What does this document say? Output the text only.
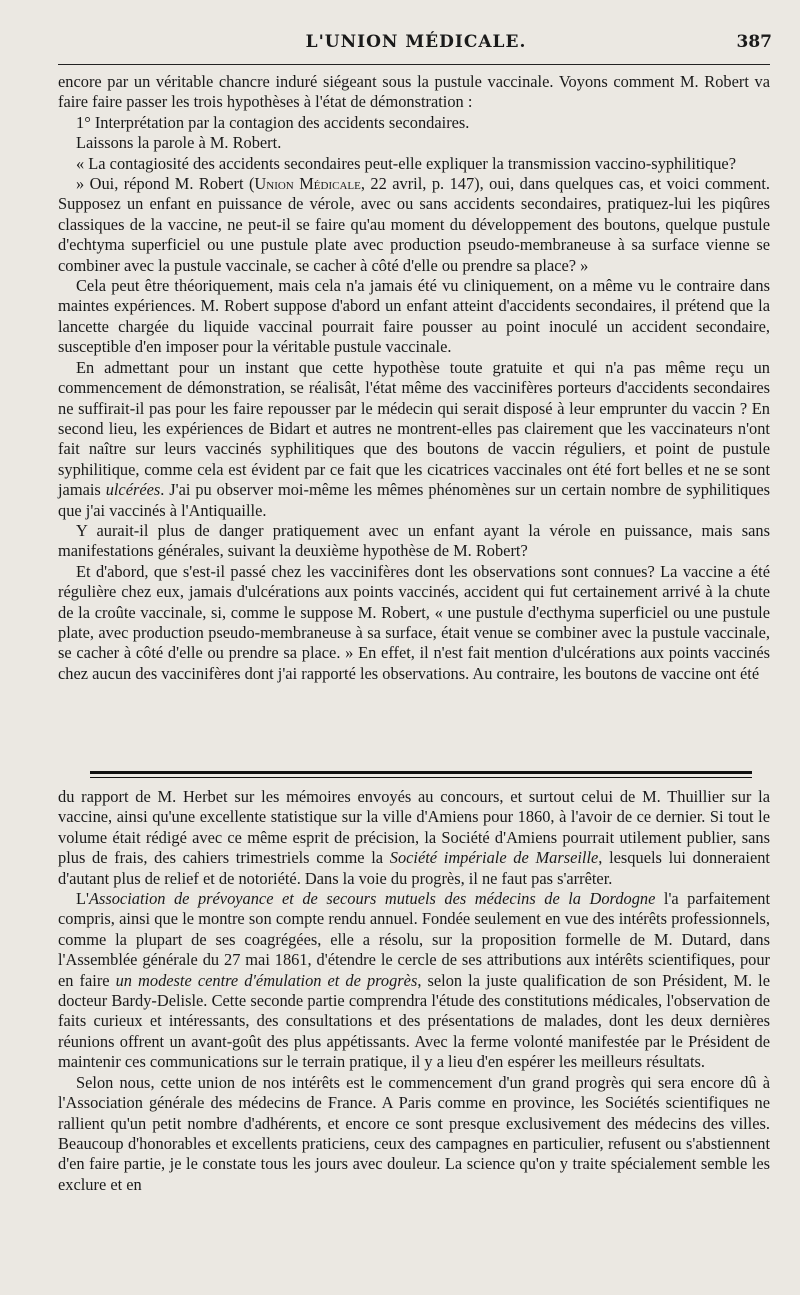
L'UNION MÉDICALE.	387

encore par un véritable chancre induré siégeant sous la pustule vaccinale. Voyons comment M. Robert va faire faire passer les trois hypothèses à l'état de démonstration :

1° Interprétation par la contagion des accidents secondaires.

Laissons la parole à M. Robert.

« La contagiosité des accidents secondaires peut-elle expliquer la transmission vaccino-syphilitique?

» Oui, répond M. Robert (Union Médicale, 22 avril, p. 147), oui, dans quelques cas, et voici comment. Supposez un enfant en puissance de vérole, avec ou sans accidents secondaires, pratiquez-lui les piqûres classiques de la vaccine, ne peut-il se faire qu'au moment du développement des boutons, quelque pustule d'echtyma superficiel ou une pustule plate avec production pseudo-membraneuse à sa surface vienne se combiner avec la pustule vaccinale, se cacher à côté d'elle ou prendre sa place? »

Cela peut être théoriquement, mais cela n'a jamais été vu cliniquement, on a même vu le contraire dans maintes expériences. M. Robert suppose d'abord un enfant atteint d'accidents secondaires, il prétend que la lancette chargée du liquide vaccinal pourrait faire pousser au point inoculé un accident secondaire, susceptible d'en imposer pour la véritable pustule vaccinale.

En admettant pour un instant que cette hypothèse toute gratuite et qui n'a pas même reçu un commencement de démonstration, se réalisât, l'état même des vaccinifères porteurs d'accidents secondaires ne suffirait-il pas pour les faire repousser par le médecin qui serait disposé à leur emprunter du vaccin ? En second lieu, les expériences de Bidart et autres ne montrent-elles pas clairement que les vaccinateurs n'ont fait naître sur leurs vaccinés syphilitiques que des boutons de vaccin réguliers, et point de pustule syphilitique, comme cela est évident par ce fait que les cicatrices vaccinales ont été fort belles et ne se sont jamais ulcérées. J'ai pu observer moi-même les mêmes phénomènes sur un certain nombre de syphilitiques que j'ai vaccinés à l'Antiquaille.

Y aurait-il plus de danger pratiquement avec un enfant ayant la vérole en puissance, mais sans manifestations générales, suivant la deuxième hypothèse de M. Robert?

Et d'abord, que s'est-il passé chez les vaccinifères dont les observations sont connues? La vaccine a été régulière chez eux, jamais d'ulcérations aux points vaccinés, accident qui fut certainement arrivé à la chute de la croûte vaccinale, si, comme le suppose M. Robert, « une pustule d'ecthyma superficiel ou une pustule plate, avec production pseudo-membraneuse à sa surface, était venue se combiner avec la pustule vaccinale, se cacher à côté d'elle ou prendre sa place. » En effet, il n'est fait mention d'ulcérations aux points vaccinés chez aucun des vaccinifères dont j'ai rapporté les observations. Au contraire, les boutons de vaccine ont été

du rapport de M. Herbet sur les mémoires envoyés au concours, et surtout celui de M. Thuillier sur la vaccine, ainsi qu'une excellente statistique sur la ville d'Amiens pour 1860, à l'avoir de ce dernier. Si tout le volume était rédigé avec ce même esprit de précision, la Société d'Amiens pourrait utilement publier, sans plus de frais, des cahiers trimestriels comme la Société impériale de Marseille, lesquels lui donneraient d'autant plus de relief et de notoriété. Dans la voie du progrès, il ne faut pas s'arrêter.

L'Association de prévoyance et de secours mutuels des médecins de la Dordogne l'a parfaitement compris, ainsi que le montre son compte rendu annuel. Fondée seulement en vue des intérêts professionnels, comme la plupart de ses coagrégées, elle a résolu, sur la proposition formelle de M. Dutard, dans l'Assemblée générale du 27 mai 1861, d'étendre le cercle de ses attributions aux intérêts scientifiques, pour en faire un modeste centre d'émulation et de progrès, selon la juste qualification de son Président, M. le docteur Bardy-Delisle. Cette seconde partie comprendra l'étude des constitutions médicales, l'observation de faits curieux et intéressants, des consultations et des présentations de malades, dont les deux dernières réunions offrent un avant-goût des plus appétissants. Avec la ferme volonté manifestée par le Président de maintenir ces communications sur le terrain pratique, il y a lieu d'en espérer les meilleurs résultats.

Selon nous, cette union de nos intérêts est le commencement d'un grand progrès qui sera encore dû à l'Association générale des médecins de France. A Paris comme en province, les Sociétés scientifiques ne rallient qu'un petit nombre d'adhérents, et encore ce sont presque exclusivement des médecins des villes. Beaucoup d'honorables et excellents praticiens, ceux des campagnes en particulier, refusent ou s'abstiennent d'en faire partie, je le constate tous les jours avec douleur. La science qu'on y traite spécialement semble les exclure et en
